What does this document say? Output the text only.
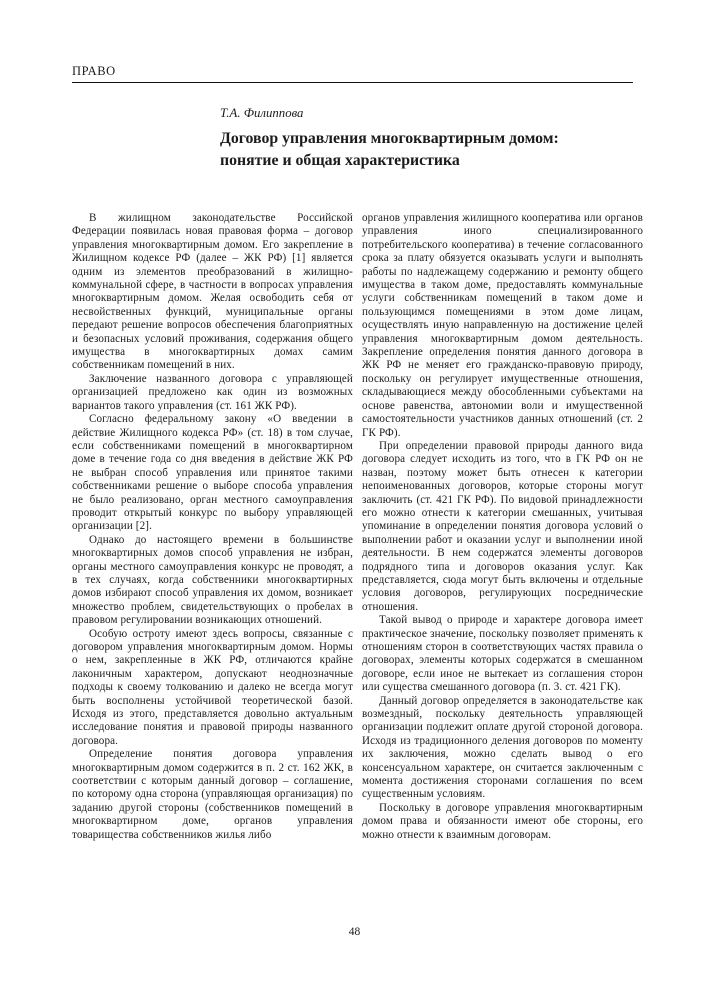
ПРАВО
Т.А. Филиппова
Договор управления многоквартирным домом:
понятие и общая характеристика

В жилищном законодательстве Российской Федерации появилась новая правовая форма – договор управления многоквартирным домом. Его закрепление в Жилищном кодексе РФ (далее – ЖК РФ) [1] является одним из элементов преобразований в жилищно-коммунальной сфере, в частности в вопросах управления многоквартирным домом. Желая освободить себя от несвойственных функций, муниципальные органы передают решение вопросов обеспечения благоприятных и безопасных условий проживания, содержания общего имущества в многоквартирных домах самим собственникам помещений в них.

Заключение названного договора с управляющей организацией предложено как один из возможных вариантов такого управления (ст. 161 ЖК РФ).

Согласно федеральному закону «О введении в действие Жилищного кодекса РФ» (ст. 18) в том случае, если собственниками помещений в многоквартирном доме в течение года со дня введения в действие ЖК РФ не выбран способ управления или принятое такими собственниками решение о выборе способа управления не было реализовано, орган местного самоуправления проводит открытый конкурс по выбору управляющей организации [2].

Однако до настоящего времени в большинстве многоквартирных домов способ управления не избран, органы местного самоуправления конкурс не проводят, а в тех случаях, когда собственники многоквартирных домов избирают способ управления их домом, возникает множество проблем, свидетельствующих о пробелах в правовом регулировании возникающих отношений.

Особую остроту имеют здесь вопросы, связанные с договором управления многоквартирным домом. Нормы о нем, закрепленные в ЖК РФ, отличаются крайне лаконичным характером, допускают неоднозначные подходы к своему толкованию и далеко не всегда могут быть восполнены устойчивой теоретической базой. Исходя из этого, представляется довольно актуальным исследование понятия и правовой природы названного договора.

Определение понятия договора управления многоквартирным домом содержится в п. 2 ст. 162 ЖК, в соответствии с которым данный договор – соглашение, по которому одна сторона (управляющая организация) по заданию другой стороны (собственников помещений в многоквартирном доме, органов управления товарищества собственников жилья либо

органов управления жилищного кооператива или органов управления иного специализированного потребительского кооператива) в течение согласованного срока за плату обязуется оказывать услуги и выполнять работы по надлежащему содержанию и ремонту общего имущества в таком доме, предоставлять коммунальные услуги собственникам помещений в таком доме и пользующимся помещениями в этом доме лицам, осуществлять иную направленную на достижение целей управления многоквартирным домом деятельность. Закрепление определения понятия данного договора в ЖК РФ не меняет его гражданско-правовую природу, поскольку он регулирует имущественные отношения, складывающиеся между обособленными субъектами на основе равенства, автономии воли и имущественной самостоятельности участников данных отношений (ст. 2 ГК РФ).

При определении правовой природы данного вида договора следует исходить из того, что в ГК РФ он не назван, поэтому может быть отнесен к категории непоименованных договоров, которые стороны могут заключить (ст. 421 ГК РФ). По видовой принадлежности его можно отнести к категории смешанных, учитывая упоминание в определении понятия договора условий о выполнении работ и оказании услуг и выполнении иной деятельности. В нем содержатся элементы договоров подрядного типа и договоров оказания услуг. Как представляется, сюда могут быть включены и отдельные условия договоров, регулирующих посреднические отношения.

Такой вывод о природе и характере договора имеет практическое значение, поскольку позволяет применять к отношениям сторон в соответствующих частях правила о договорах, элементы которых содержатся в смешанном договоре, если иное не вытекает из соглашения сторон или существа смешанного договора (п. 3. ст. 421 ГК).

Данный договор определяется в законодательстве как возмездный, поскольку деятельность управляющей организации подлежит оплате другой стороной договора. Исходя из традиционного деления договоров по моменту их заключения, можно сделать вывод о его консенсуальном характере, он считается заключенным с момента достижения сторонами соглашения по всем существенным условиям.

Поскольку в договоре управления многоквартирным домом права и обязанности имеют обе стороны, его можно отнести к взаимным договорам.

48
